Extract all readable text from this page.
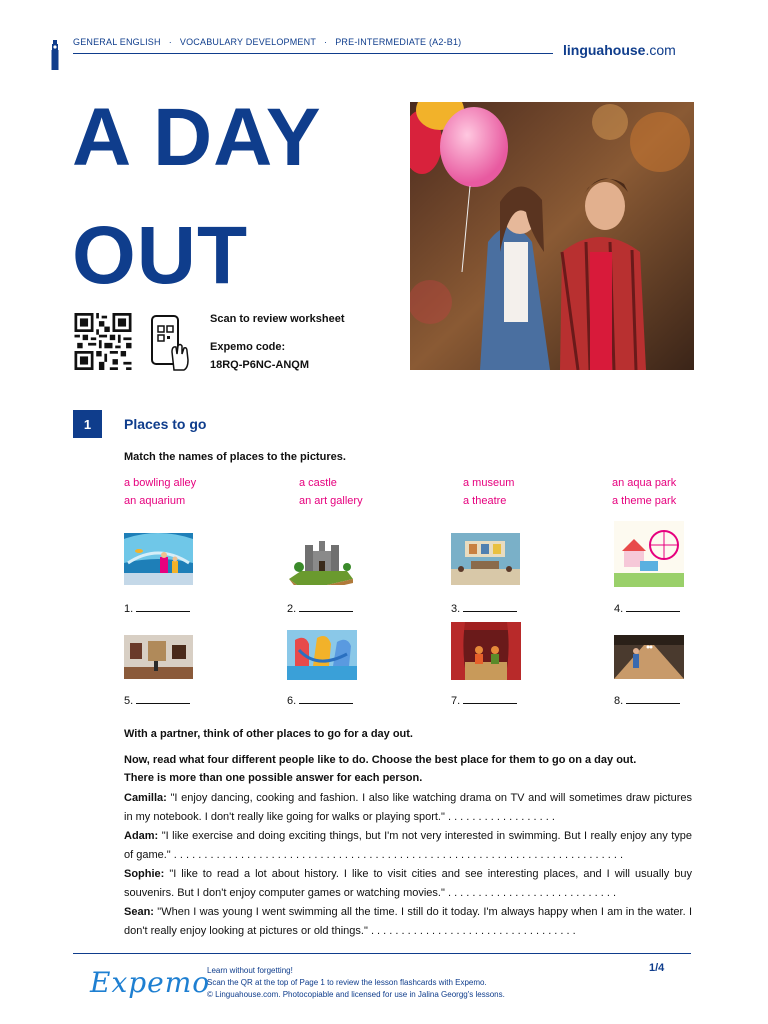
GENERAL ENGLISH · VOCABULARY DEVELOPMENT · PRE-INTERMEDIATE (A2-B1)	linguahouse.com
A DAY
OUT
Scan to review worksheet
Expemo code:
18RQ-P6NC-ANQM
1	Places to go
Match the names of places to the pictures.
a bowling alley
an aquarium
a castle
an art gallery
a museum
a theatre
an aqua park
a theme park
1.	2.	3.	4.
5.	6.	7.	8.
With a partner, think of other places to go for a day out.
Now, read what four different people like to do. Choose the best place for them to go on a day out.
There is more than one possible answer for each person.
Camilla: "I enjoy dancing, cooking and fashion. I also like watching drama on TV and will sometimes draw pictures in my notebook. I don't really like going for walks or playing sport." . . . . . . . . . . . . . . . . . .
Adam: "I like exercise and doing exciting things, but I'm not very interested in swimming. But I really enjoy any type of game." . . . . . . . . . . . . . . . . . . . . . . . . . . . . . . . . . . . . . . . . . . . . . . . . . . . . . . . . . . . . . . . . . . . . . . . . . .
Sophie: "I like to read a lot about history. I like to visit cities and see interesting places, and I will usually buy souvenirs. But I don't enjoy computer games or watching movies." . . . . . . . . . . . . . . . . . . . . . . . . . . . .
Sean: "When I was young I went swimming all the time. I still do it today. I'm always happy when I am in the water. I don't really enjoy looking at pictures or old things." . . . . . . . . . . . . . . . . . . . . . . . . . . . . . . . . . .
Expemo
Learn without forgetting!
Scan the QR at the top of Page 1 to review the lesson flashcards with Expemo.
© Linguahouse.com. Photocopiable and licensed for use in Jalina Georgg's lessons.
1/4
